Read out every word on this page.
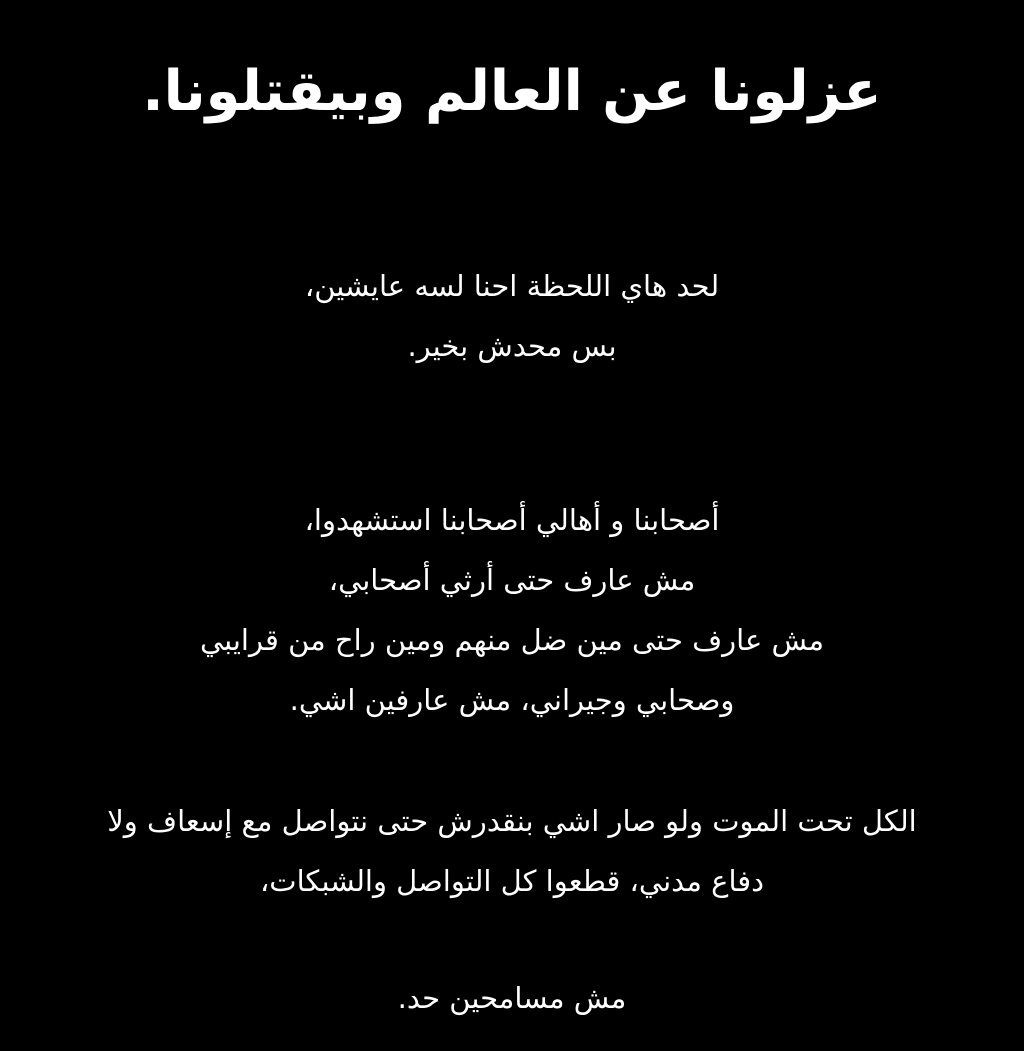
عزلونا عن العالم وبيقتلونا.
لحد هاي اللحظة احنا لسه عايشين،
بس محدش بخير.
أصحابنا و أهالي أصحابنا استشهدوا،
مش عارف حتى أرثي أصحابي،
مش عارف حتى مين ضل منهم ومين راح من قرايبي
وصحابي وجيراني، مش عارفين اشي.
الكل تحت الموت ولو صار اشي بنقدرش حتى نتواصل مع إسعاف ولا
دفاع مدني، قطعوا كل التواصل والشبكات،
مش مسامحين حد.
